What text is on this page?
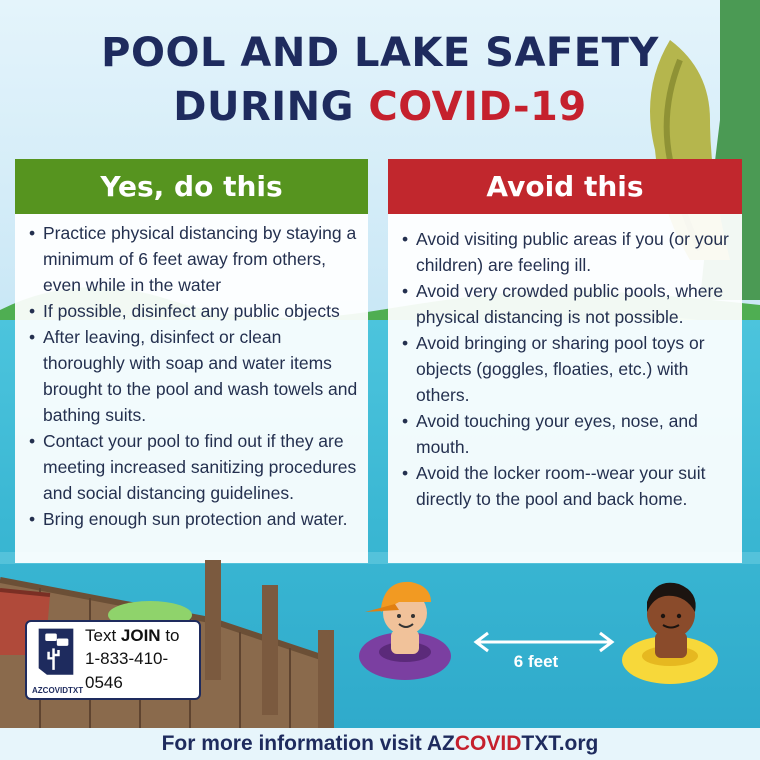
POOL AND LAKE SAFETY
DURING COVID-19
Yes, do this
• Practice physical distancing by staying a minimum of 6 feet away from others, even while in the water
• If possible, disinfect any public objects
• After leaving, disinfect or clean thoroughly with soap and water items brought to the pool and wash towels and bathing suits.
• Contact your pool to find out if they are meeting increased sanitizing procedures and social distancing guidelines.
• Bring enough sun protection and water.
Avoid this
• Avoid visiting public areas if you (or your children) are feeling ill.
• Avoid very crowded public pools, where physical distancing is not possible.
• Avoid bringing or sharing pool toys or objects (goggles, floaties, etc.) with others.
• Avoid touching your eyes, nose, and mouth.
• Avoid the locker room--wear your suit directly to the pool and back home.
6 feet
AZCOVIDTXT
Text JOIN to
1-833-410-0546
For more information visit AZCOVIDTXT.org
